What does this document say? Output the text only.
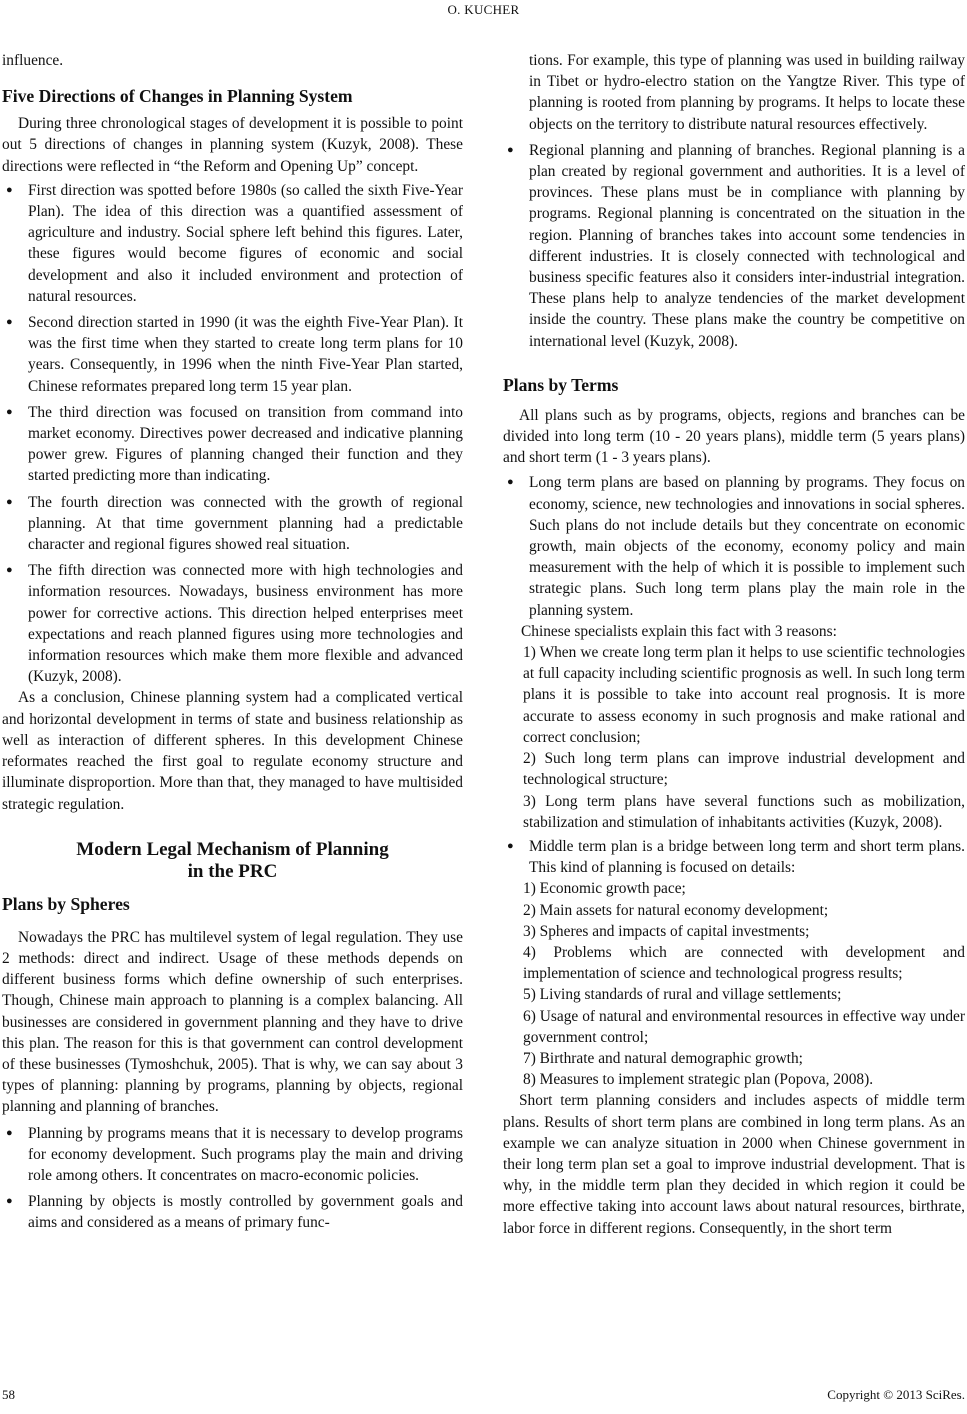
O. KUCHER

influence.

Five Directions of Changes in Planning System

During three chronological stages of development it is possible to point out 5 directions of changes in planning system (Kuzyk, 2008). These directions were reflected in “the Reform and Opening Up” concept.

● First direction was spotted before 1980s (so called the sixth Five-Year Plan). The idea of this direction was a quantified assessment of agriculture and industry. Social sphere left behind this figures. Later, these figures would become figures of economic and social development and also it included environment and protection of natural resources.
● Second direction started in 1990 (it was the eighth Five-Year Plan). It was the first time when they started to create long term plans for 10 years. Consequently, in 1996 when the ninth Five-Year Plan started, Chinese reformates prepared long term 15 year plan.
● The third direction was focused on transition from command into market economy. Directives power decreased and indicative planning power grew. Figures of planning changed their function and they started predicting more than indicating.
● The fourth direction was connected with the growth of regional planning. At that time government planning had a predictable character and regional figures showed real situation.
● The fifth direction was connected more with high technologies and information resources. Nowadays, business environment has more power for corrective actions. This direction helped enterprises meet expectations and reach planned figures using more technologies and information resources which make them more flexible and advanced (Kuzyk, 2008).

As a conclusion, Chinese planning system had a complicated vertical and horizontal development in terms of state and business relationship as well as interaction of different spheres. In this development Chinese reformates reached the first goal to regulate economy structure and illuminate disproportion. More than that, they managed to have multisided strategic regulation.

Modern Legal Mechanism of Planning
in the PRC
Plans by Spheres

Nowadays the PRC has multilevel system of legal regulation. They use 2 methods: direct and indirect. Usage of these methods depends on different business forms which define ownership of such enterprises. Though, Chinese main approach to planning is a complex balancing. All businesses are considered in government planning and they have to drive this plan. The reason for this is that government can control development of these businesses (Tymoshchuk, 2005). That is why, we can say about 3 types of planning: planning by programs, planning by objects, regional planning and planning of branches.

● Planning by programs means that it is necessary to develop programs for economy development. Such programs play the main and driving role among others. It concentrates on macro-economic policies.
● Planning by objects is mostly controlled by government goals and aims and considered as a means of primary func-

tions. For example, this type of planning was used in building railway in Tibet or hydro-electro station on the Yangtze River. This type of planning is rooted from planning by programs. It helps to locate these objects on the territory to distribute natural resources effectively.

● Regional planning and planning of branches. Regional planning is a plan created by regional government and authorities. It is a level of provinces. These plans must be in compliance with planning by programs. Regional planning is concentrated on the situation in the region. Planning of branches takes into account some tendencies in different industries. It is closely connected with technological and business specific features also it considers inter-industrial integration. These plans help to analyze tendencies of the market development inside the country. These plans make the country be competitive on international level (Kuzyk, 2008).
Plans by Terms

All plans such as by programs, objects, regions and branches can be divided into long term (10 - 20 years plans), middle term (5 years plans) and short term (1 - 3 years plans).

● Long term plans are based on planning by programs. They focus on economy, science, new technologies and innovations in social spheres. Such plans do not include details but they concentrate on economic growth, main objects of the economy, economy policy and main measurement with the help of which it is possible to implement such strategic plans. Such long term plans play the main role in the planning system.

Chinese specialists explain this fact with 3 reasons:

1) When we create long term plan it helps to use scientific technologies at full capacity including scientific prognosis as well. In such long term plans it is possible to take into account real prognosis. It is more accurate to assess economy in such prognosis and make rational and correct conclusion;

2) Such long term plans can improve industrial development and technological structure;

3) Long term plans have several functions such as mobilization, stabilization and stimulation of inhabitants activities (Kuzyk, 2008).

● Middle term plan is a bridge between long term and short term plans. This kind of planning is focused on details:

1) Economic growth pace;

2) Main assets for natural economy development;

3) Spheres and impacts of capital investments;

4) Problems which are connected with development and implementation of science and technological progress results;

5) Living standards of rural and village settlements;

6) Usage of natural and environmental resources in effective way under government control;

7) Birthrate and natural demographic growth;

8) Measures to implement strategic plan (Popova, 2008).

Short term planning considers and includes aspects of middle term plans. Results of short term plans are combined in long term plans. As an example we can analyze situation in 2000 when Chinese government in their long term plan set a goal to improve industrial development. That is why, in the middle term plan they decided in which region it could be more effective taking into account laws about natural resources, birthrate, labor force in different regions. Consequently, in the short term

58	Copyright © 2013 SciRes.
